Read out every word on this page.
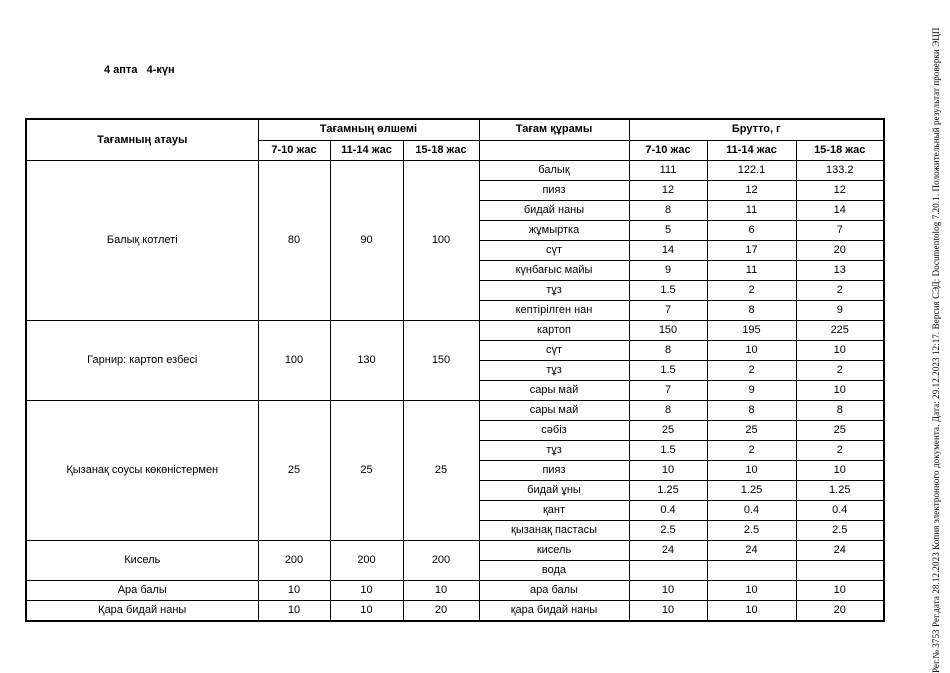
4 апта   4-күн	Рег.№ 3753 Рег.дата 28.12.2023 Копия электронного документа. Дата: 29.12.2023 12:17. Версия СЭД: Documentolog 7.20.1. Положительный результат проверки ЭЦП
Тағамның атауы	Тағамның өлшемі			Тағам құрамы	Брутто, г		
	7-10 жас	11-14 жас	15-18 жас		7-10 жас	11-14 жас	15-18 жас
Балық котлеті	80	90	100	балық	111	122.1	133.2
				пияз	12	12	12
				бидай наны	8	11	14
				жұмыртка	5	6	7
				сүт	14	17	20
				күнбағыс майы	9	11	13
				тұз	1.5	2	2
				кептірілген нан	7	8	9
Гарнир: картоп езбесі	100	130	150	картоп	150	195	225
				сүт	8	10	10
				тұз	1.5	2	2
				сары май	7	9	10
Қызанақ соусы көкөністермен	25	25	25	сары май	8	8	8
				сәбіз	25	25	25
				тұз	1.5	2	2
				пияз	10	10	10
				бидай ұны	1.25	1.25	1.25
				қант	0.4	0.4	0.4
				қызанақ пастасы	2.5	2.5	2.5
Кисель	200	200	200	кисель	24	24	24
				вода			
Ара балы	10	10	10	ара балы	10	10	10
Қара бидай наны	10	10	20	қара бидай наны	10	10	20
